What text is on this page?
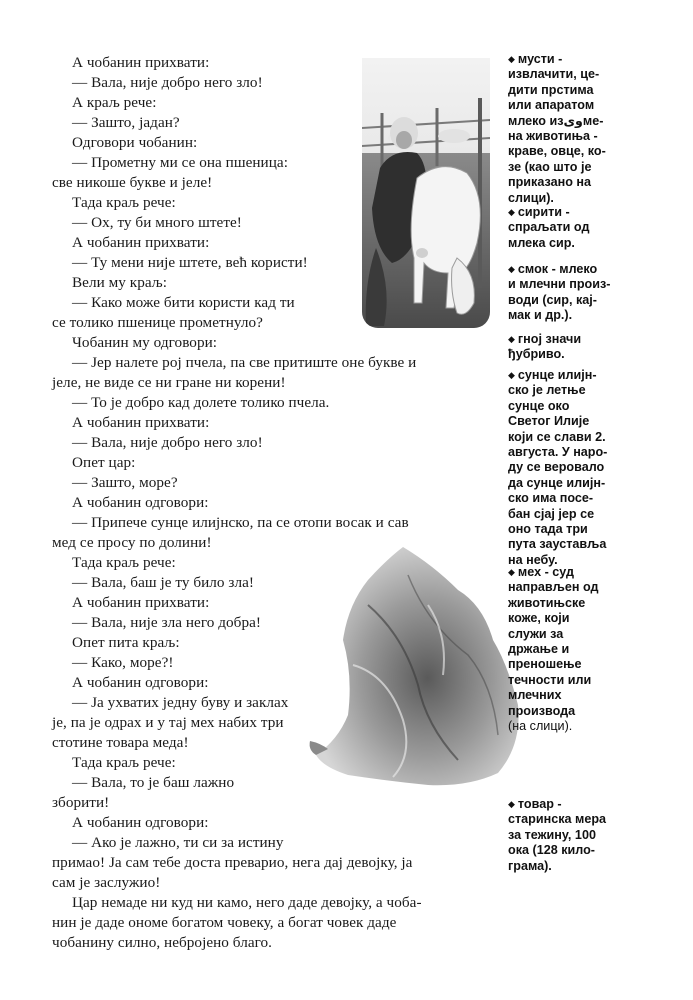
А чобанин прихвати:
— Вала, није добро него зло!
А краљ рече:
— Зашто, јадан?
Одговори чобанин:
— Прометну ми се она пшеница:
све никоше букве и јеле!
Тада краљ рече:
— Ох, ту би много штете!
А чобанин прихвати:
— Ту мени није штете, већ користи!
Вели му краљ:
— Како може бити користи кад ти
се толико пшенице прометнуло?
Чобанин му одговори:
— Јер налете рој пчела, па све притиште оне букве и
јеле, не виде се ни гране ни корени!
— То је добро кад долете толико пчела.
А чобанин прихвати:
— Вала, није добро него зло!
Опет цар:
— Зашто, море?
А чобанин одговори:
— Припече сунце илијнско, па се отопи восак и сав
мед се просу по долини!
Тада краљ рече:
— Вала, баш је ту било зла!
А чобанин прихвати:
— Вала, није зла него добра!
Опет пита краљ:
— Како, море?!
А чобанин одговори:
— Ја ухватих једну буву и заклах
је, па је одрах и у тај мех набих три
стотине товара меда!
Тада краљ рече:
— Вала, то је баш лажно
зборити!
А чобанин одговори:
— Ако је лажно, ти си за истину
примао! Ја сам тебе доста преварио, нега дај девојку, ја
сам је заслужио!
Цар немаде ни куд ни камо, него даде девојку, а чоба-
нин је даде ономе богатом човеку, а богат човек даде
чобанину силно, небројено благо.
◆ мусти -
извлачити, це-
дити прстима
или апаратом
млеко изویме-
на животиња -
краве, овце, ко-
зе (као што је
приказано на
слици).
◆ сирити -
спраљати од
млека сир.
◆ смок - млеко
и млечни произ-
води (сир, кај-
мак и др.).
◆ гној значи
ђубриво.
◆ сунце илијн-
ско је летње
сунце око
Светог Илије
који се слави 2.
августа. У наро-
ду се веровало
да сунце илијн-
ско има посе-
бан сјај јер се
оно тада три
пута зауставља
на небу.
◆ мех - суд
направљен од
животињске
коже, који
служи за
држање и
преношење
течности или
млечних
производа
(на слици).
◆ товар -
старинска мера
за тежину, 100
ока (128 кило-
грама).
